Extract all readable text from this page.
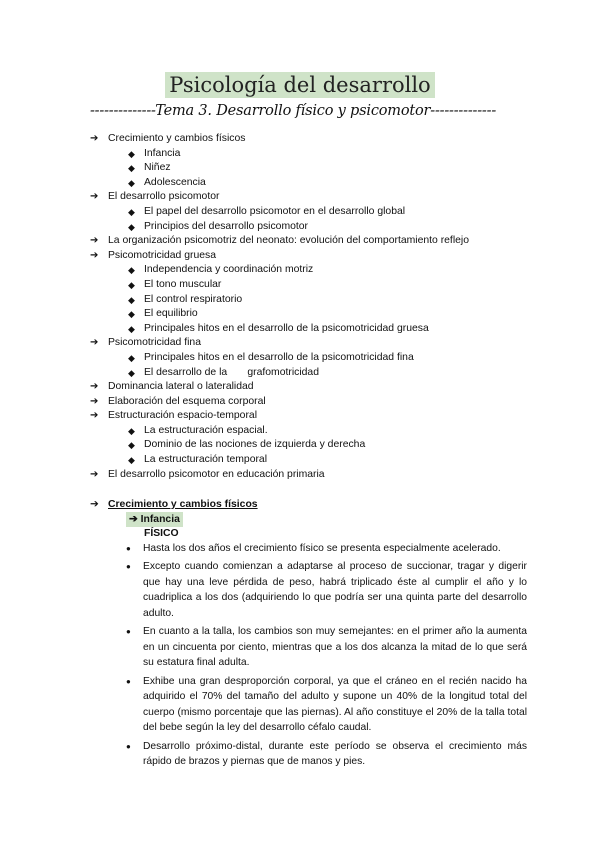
Psicología del desarrollo
--------------Tema 3. Desarrollo físico y psicomotor--------------
➔ Crecimiento y cambios físicos
◆ Infancia
◆ Niñez
◆ Adolescencia
➔ El desarrollo psicomotor
◆ El papel del desarrollo psicomotor en el desarrollo global
◆ Principios del desarrollo psicomotor
➔ La organización psicomotriz del neonato: evolución del comportamiento reflejo
➔ Psicomotricidad gruesa
◆ Independencia y coordinación motriz
◆ El tono muscular
◆ El control respiratorio
◆ El equilibrio
◆ Principales hitos en el desarrollo de la psicomotricidad gruesa
➔ Psicomotricidad fina
◆ Principales hitos en el desarrollo de la psicomotricidad fina
◆ El desarrollo de la       grafomotricidad
➔ Dominancia lateral o lateralidad
➔ Elaboración del esquema corporal
➔ Estructuración espacio-temporal
◆ La estructuración espacial.
◆ Dominio de las nociones de izquierda y derecha
◆ La estructuración temporal
➔ El desarrollo psicomotor en educación primaria
➔ Crecimiento y cambios físicos
➔ Infancia
FÍSICO
● Hasta los dos años el crecimiento físico se presenta especialmente acelerado.
● Excepto cuando comienzan a adaptarse al proceso de succionar, tragar y digerir que hay una leve pérdida de peso, habrá triplicado éste al cumplir el año y lo cuadriplica a los dos (adquiriendo lo que podría ser una quinta parte del desarrollo adulto.
● En cuanto a la talla, los cambios son muy semejantes: en el primer año la aumenta en un cincuenta por ciento, mientras que a los dos alcanza la mitad de lo que será su estatura final adulta.
● Exhibe una gran desproporción corporal, ya que el cráneo en el recién nacido ha adquirido el 70% del tamaño del adulto y supone un 40% de la longitud total del cuerpo (mismo porcentaje que las piernas). Al año constituye el 20% de la talla total del bebe según la ley del desarrollo céfalo caudal.
● Desarrollo próximo-distal, durante este período se observa el crecimiento más rápido de brazos y piernas que de manos y pies.
